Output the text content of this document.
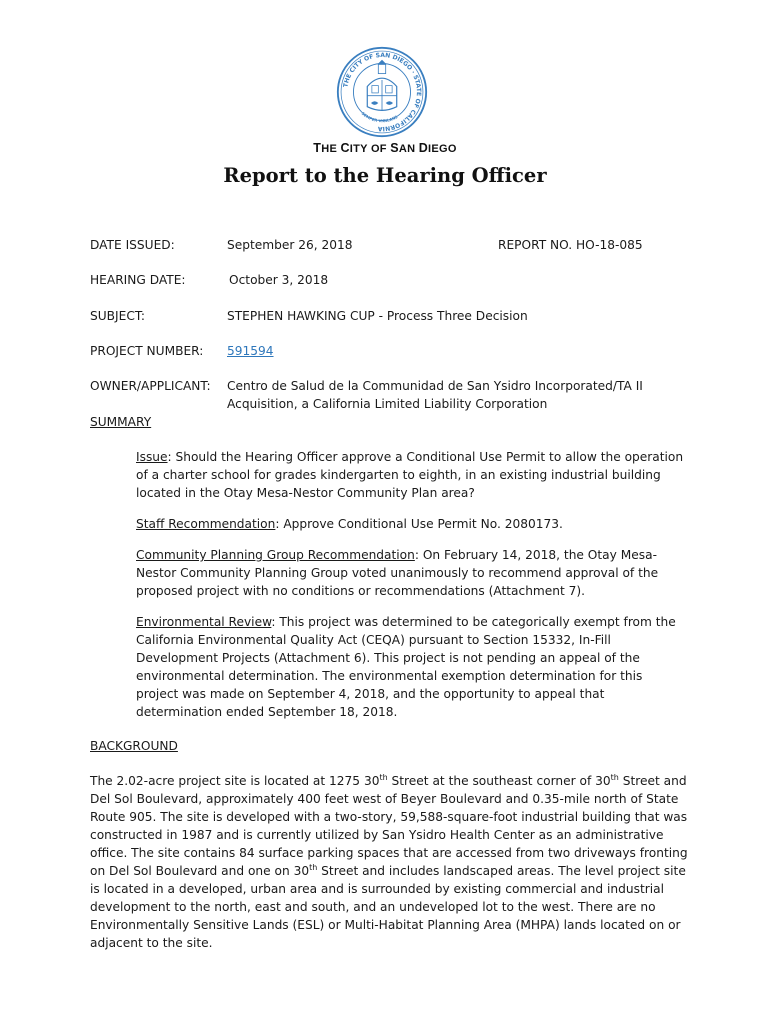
THE CITY OF SAN DIEGO · STATE OF CALIFORNIA
SEMPER VIGILANS
THE CITY OF SAN DIEGO
Report to the Hearing Officer
DATE ISSUED:	September 26, 2018	REPORT NO. HO-18-085
HEARING DATE:	October 3, 2018
SUBJECT:	STEPHEN HAWKING CUP - Process Three Decision
PROJECT NUMBER: 591594
OWNER/APPLICANT: Centro de Salud de la Communidad de San Ysidro Incorporated/TA II
Acquisition, a California Limited Liability Corporation
SUMMARY
Issue: Should the Hearing Officer approve a Conditional Use Permit to allow the operation of a charter school for grades kindergarten to eighth, in an existing industrial building located in the Otay Mesa-Nestor Community Plan area?
Staff Recommendation: Approve Conditional Use Permit No. 2080173.
Community Planning Group Recommendation: On February 14, 2018, the Otay Mesa-Nestor Community Planning Group voted unanimously to recommend approval of the proposed project with no conditions or recommendations (Attachment 7).
Environmental Review: This project was determined to be categorically exempt from the California Environmental Quality Act (CEQA) pursuant to Section 15332, In-Fill Development Projects (Attachment 6). This project is not pending an appeal of the environmental determination. The environmental exemption determination for this project was made on September 4, 2018, and the opportunity to appeal that determination ended September 18, 2018.
BACKGROUND
The 2.02-acre project site is located at 1275 30th Street at the southeast corner of 30th Street and Del Sol Boulevard, approximately 400 feet west of Beyer Boulevard and 0.35-mile north of State Route 905. The site is developed with a two-story, 59,588-square-foot industrial building that was constructed in 1987 and is currently utilized by San Ysidro Health Center as an administrative office. The site contains 84 surface parking spaces that are accessed from two driveways fronting on Del Sol Boulevard and one on 30th Street and includes landscaped areas. The level project site is located in a developed, urban area and is surrounded by existing commercial and industrial development to the north, east and south, and an undeveloped lot to the west. There are no Environmentally Sensitive Lands (ESL) or Multi-Habitat Planning Area (MHPA) lands located on or adjacent to the site.
